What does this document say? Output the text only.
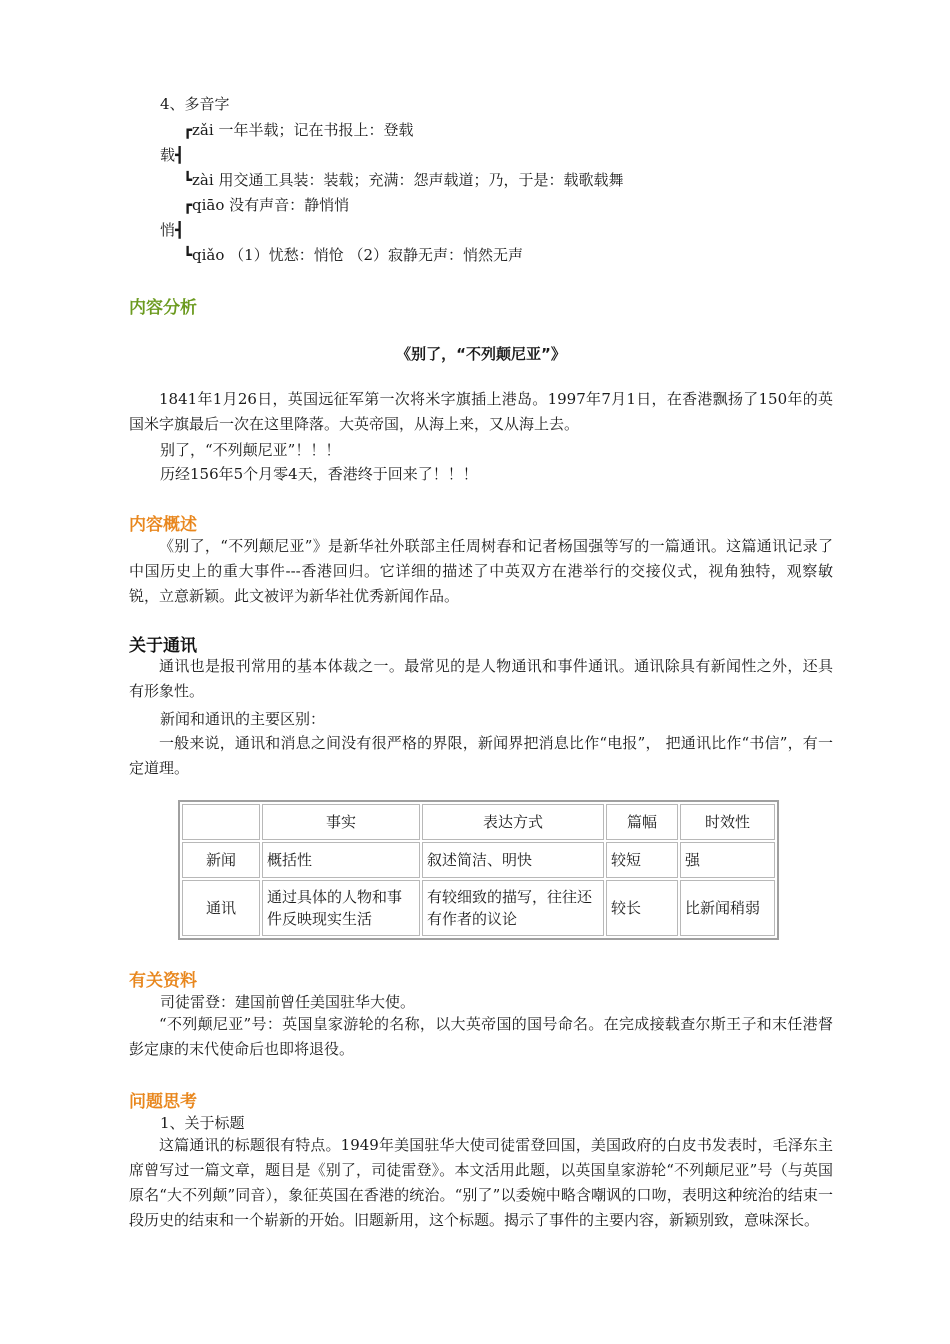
4、多音字
┏zǎi 一年半载；记在书报上：登载
载┫
┗zài 用交通工具装：装载；充满：怨声载道；乃，于是：载歌载舞
┏qiāo 没有声音：静悄悄
悄┫
┗qiǎo （1）忧愁：悄怆 （2）寂静无声：悄然无声
内容分析
《别了，“不列颠尼亚”》
1841年1月26日，英国远征军第一次将米字旗插上港岛。1997年7月1日，在香港飘扬了150年的英国米字旗最后一次在这里降落。大英帝国，从海上来，又从海上去。
别了，“不列颠尼亚”！！！
历经156年5个月零4天，香港终于回来了！！！
内容概述
《别了，“不列颠尼亚”》是新华社外联部主任周树春和记者杨国强等写的一篇通讯。这篇通讯记录了中国历史上的重大事件---香港回归。它详细的描述了中英双方在港举行的交接仪式，视角独特，观察敏锐，立意新颖。此文被评为新华社优秀新闻作品。
关于通讯
通讯也是报刊常用的基本体裁之一。最常见的是人物通讯和事件通讯。通讯除具有新闻性之外，还具有形象性。
新闻和通讯的主要区别：
一般来说，通讯和消息之间没有很严格的界限，新闻界把消息比作“电报”， 把通讯比作“书信”，有一定道理。
	事实	表达方式	篇幅	时效性
新闻	概括性	叙述简洁、明快	较短	强
通讯	通过具体的人物和事件反映现实生活	有较细致的描写，往往还有作者的议论	较长	比新闻稍弱
有关资料
司徒雷登：建国前曾任美国驻华大使。
“不列颠尼亚”号：英国皇家游轮的名称，以大英帝国的国号命名。在完成接载查尔斯王子和末任港督彭定康的末代使命后也即将退役。
问题思考
1、关于标题
这篇通讯的标题很有特点。1949年美国驻华大使司徒雷登回国，美国政府的白皮书发表时，毛泽东主席曾写过一篇文章，题目是《别了，司徒雷登》。本文活用此题，以英国皇家游轮“不列颠尼亚”号（与英国原名“大不列颠”同音），象征英国在香港的统治。“别了”以委婉中略含嘲讽的口吻，表明这种统治的结束一段历史的结束和一个崭新的开始。旧题新用，这个标题。揭示了事件的主要内容，新颖别致，意味深长。
